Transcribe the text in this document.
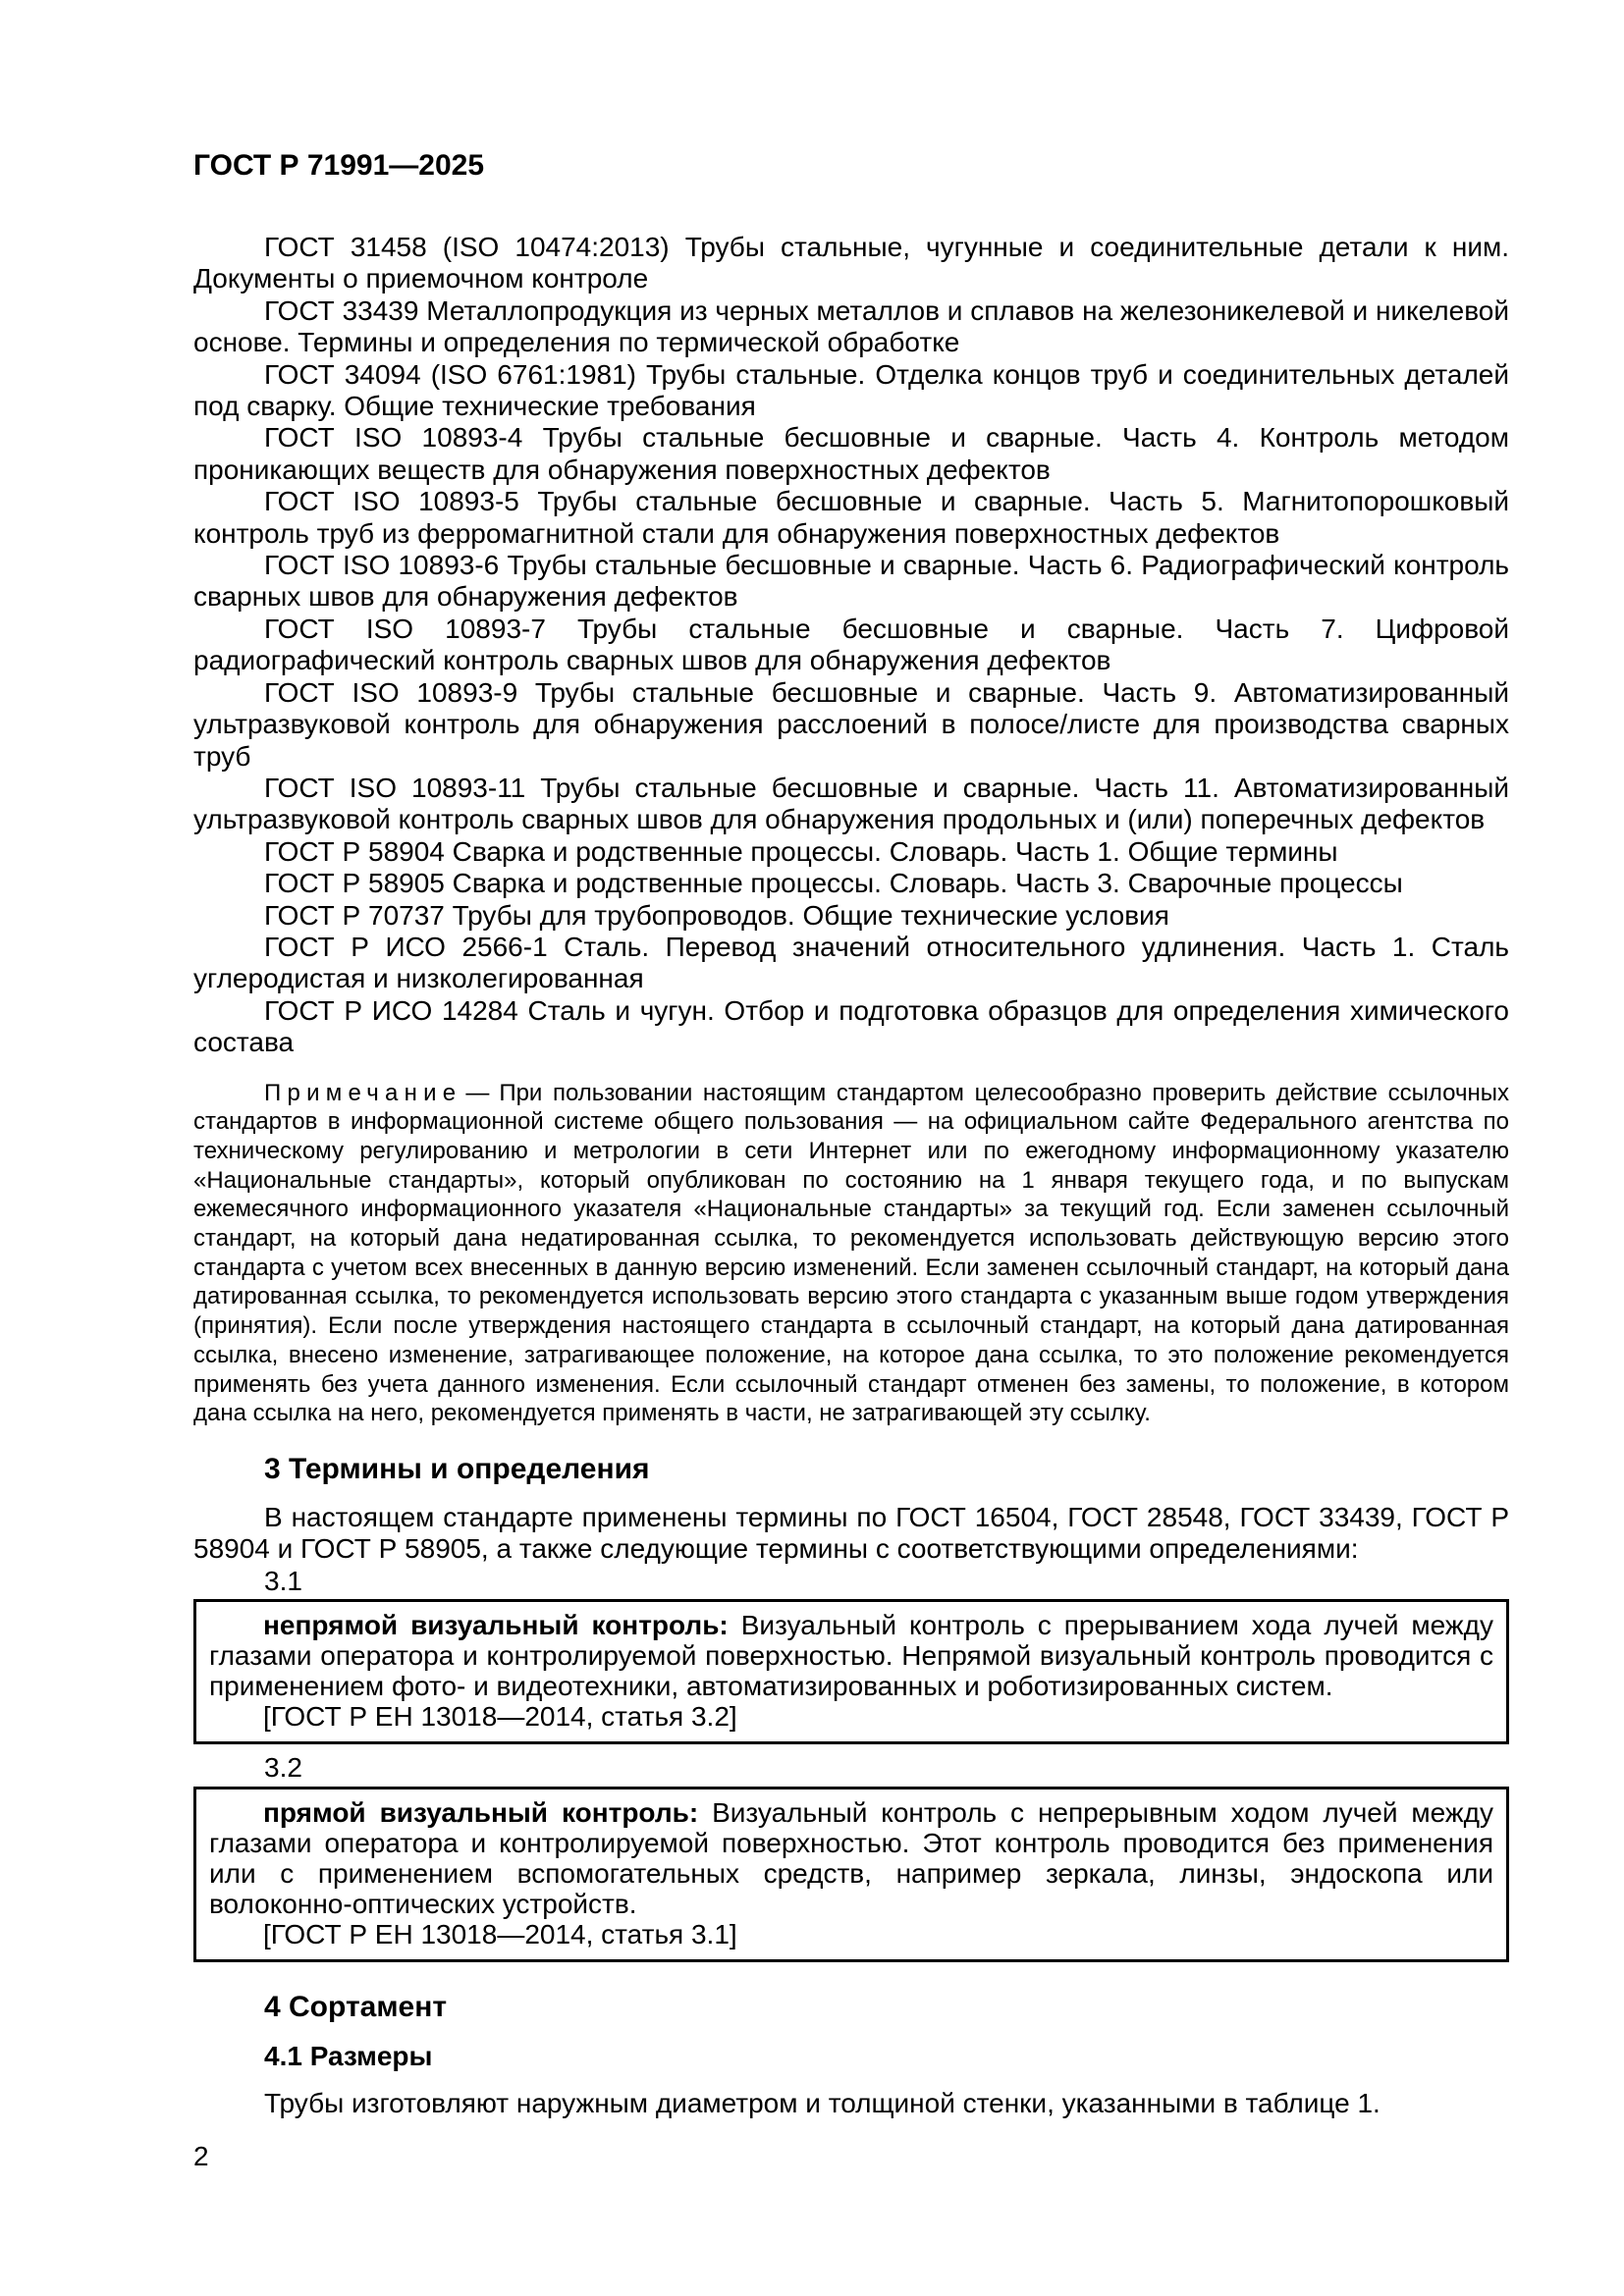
ГОСТ Р 71991—2025

ГОСТ 31458 (ISO 10474:2013) Трубы стальные, чугунные и соединительные детали к ним. Документы о приемочном контроле

ГОСТ 33439 Металлопродукция из черных металлов и сплавов на железоникелевой и никелевой основе. Термины и определения по термической обработке

ГОСТ 34094 (ISO 6761:1981) Трубы стальные. Отделка концов труб и соединительных деталей под сварку. Общие технические требования

ГОСТ ISO 10893-4 Трубы стальные бесшовные и сварные. Часть 4. Контроль методом проникающих веществ для обнаружения поверхностных дефектов

ГОСТ ISO 10893-5 Трубы стальные бесшовные и сварные. Часть 5. Магнитопорошковый контроль труб из ферромагнитной стали для обнаружения поверхностных дефектов

ГОСТ ISO 10893-6 Трубы стальные бесшовные и сварные. Часть 6. Радиографический контроль сварных швов для обнаружения дефектов

ГОСТ ISO 10893-7 Трубы стальные бесшовные и сварные. Часть 7. Цифровой радиографический контроль сварных швов для обнаружения дефектов

ГОСТ ISO 10893-9 Трубы стальные бесшовные и сварные. Часть 9. Автоматизированный ультразвуковой контроль для обнаружения расслоений в полосе/листе для производства сварных труб

ГОСТ ISO 10893-11 Трубы стальные бесшовные и сварные. Часть 11. Автоматизированный ультразвуковой контроль сварных швов для обнаружения продольных и (или) поперечных дефектов

ГОСТ Р 58904 Сварка и родственные процессы. Словарь. Часть 1. Общие термины

ГОСТ Р 58905 Сварка и родственные процессы. Словарь. Часть 3. Сварочные процессы

ГОСТ Р 70737 Трубы для трубопроводов. Общие технические условия

ГОСТ Р ИСО 2566-1 Сталь. Перевод значений относительного удлинения. Часть 1. Сталь углеродистая и низколегированная

ГОСТ Р ИСО 14284 Сталь и чугун. Отбор и подготовка образцов для определения химического состава

Примечание — При пользовании настоящим стандартом целесообразно проверить действие ссылочных стандартов в информационной системе общего пользования — на официальном сайте Федерального агентства по техническому регулированию и метрологии в сети Интернет или по ежегодному информационному указателю «Национальные стандарты», который опубликован по состоянию на 1 января текущего года, и по выпускам ежемесячного информационного указателя «Национальные стандарты» за текущий год. Если заменен ссылочный стандарт, на который дана недатированная ссылка, то рекомендуется использовать действующую версию этого стандарта с учетом всех внесенных в данную версию изменений. Если заменен ссылочный стандарт, на который дана датированная ссылка, то рекомендуется использовать версию этого стандарта с указанным выше годом утверждения (принятия). Если после утверждения настоящего стандарта в ссылочный стандарт, на который дана датированная ссылка, внесено изменение, затрагивающее положение, на которое дана ссылка, то это положение рекомендуется применять без учета данного изменения. Если ссылочный стандарт отменен без замены, то положение, в котором дана ссылка на него, рекомендуется применять в части, не затрагивающей эту ссылку.

3 Термины и определения

В настоящем стандарте применены термины по ГОСТ 16504, ГОСТ 28548, ГОСТ 33439, ГОСТ Р 58904 и ГОСТ Р 58905, а также следующие термины с соответствующими определениями:

3.1

непрямой визуальный контроль: Визуальный контроль с прерыванием хода лучей между глазами оператора и контролируемой поверхностью. Непрямой визуальный контроль проводится с применением фото- и видеотехники, автоматизированных и роботизированных систем.

[ГОСТ Р ЕН 13018—2014, статья 3.2]

3.2

прямой визуальный контроль: Визуальный контроль с непрерывным ходом лучей между глазами оператора и контролируемой поверхностью. Этот контроль проводится без применения или с применением вспомогательных средств, например зеркала, линзы, эндоскопа или волоконно-оптических устройств.

[ГОСТ Р ЕН 13018—2014, статья 3.1]

4 Сортамент
4.1 Размеры

Трубы изготовляют наружным диаметром и толщиной стенки, указанными в таблице 1.

2
